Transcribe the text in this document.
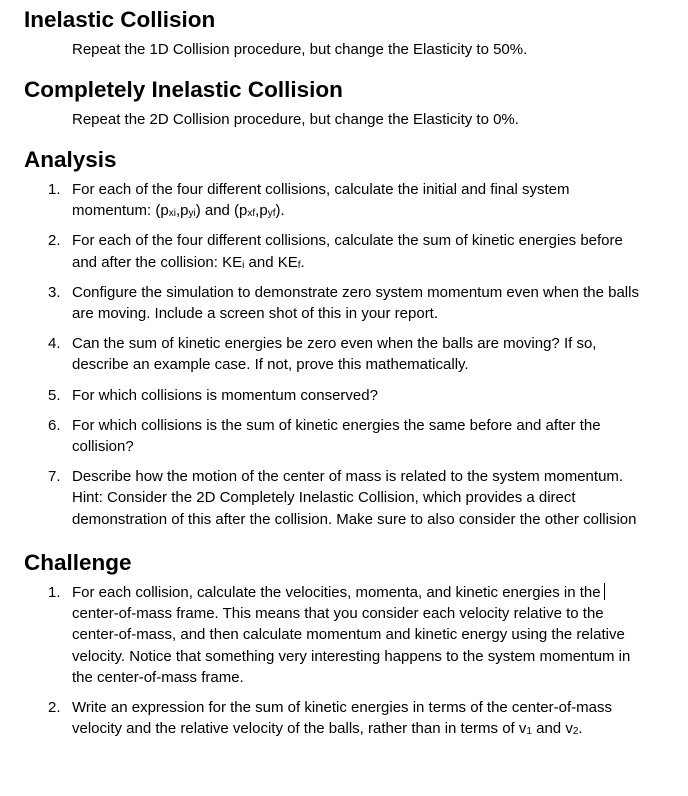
Inelastic Collision

Repeat the 1D Collision procedure, but change the Elasticity to 50%.

Completely Inelastic Collision

Repeat the 2D Collision procedure, but change the Elasticity to 0%.

Analysis
1. For each of the four different collisions, calculate the initial and final system
momentum: $(p_{xi},p_{yi})$ and $(p_{xf},p_{yf})$.
2. For each of the four different collisions, calculate the sum of kinetic energies before
and after the collision: $KE_i$ and $KE_f$.
3. Configure the simulation to demonstrate zero system momentum even when the balls
are moving. Include a screen shot of this in your report.
4. Can the sum of kinetic energies be zero even when the balls are moving? If so,
describe an example case. If not, prove this mathematically.
5. For which collisions is momentum conserved?
6. For which collisions is the sum of kinetic energies the same before and after the
collision?
7. Describe how the motion of the center of mass is related to the system momentum.
Hint: Consider the 2D Completely Inelastic Collision, which provides a direct
demonstration of this after the collision. Make sure to also consider the other collision
Challenge
1. For each collision, calculate the velocities, momenta, and kinetic energies in the
center-of-mass frame. This means that you consider each velocity relative to the
center-of-mass, and then calculate momentum and kinetic energy using the relative
velocity. Notice that something very interesting happens to the system momentum in
the center-of-mass frame.
2. Write an expression for the sum of kinetic energies in terms of the center-of-mass
velocity and the relative velocity of the balls, rather than in terms of $v_1$ and $v_2$.
